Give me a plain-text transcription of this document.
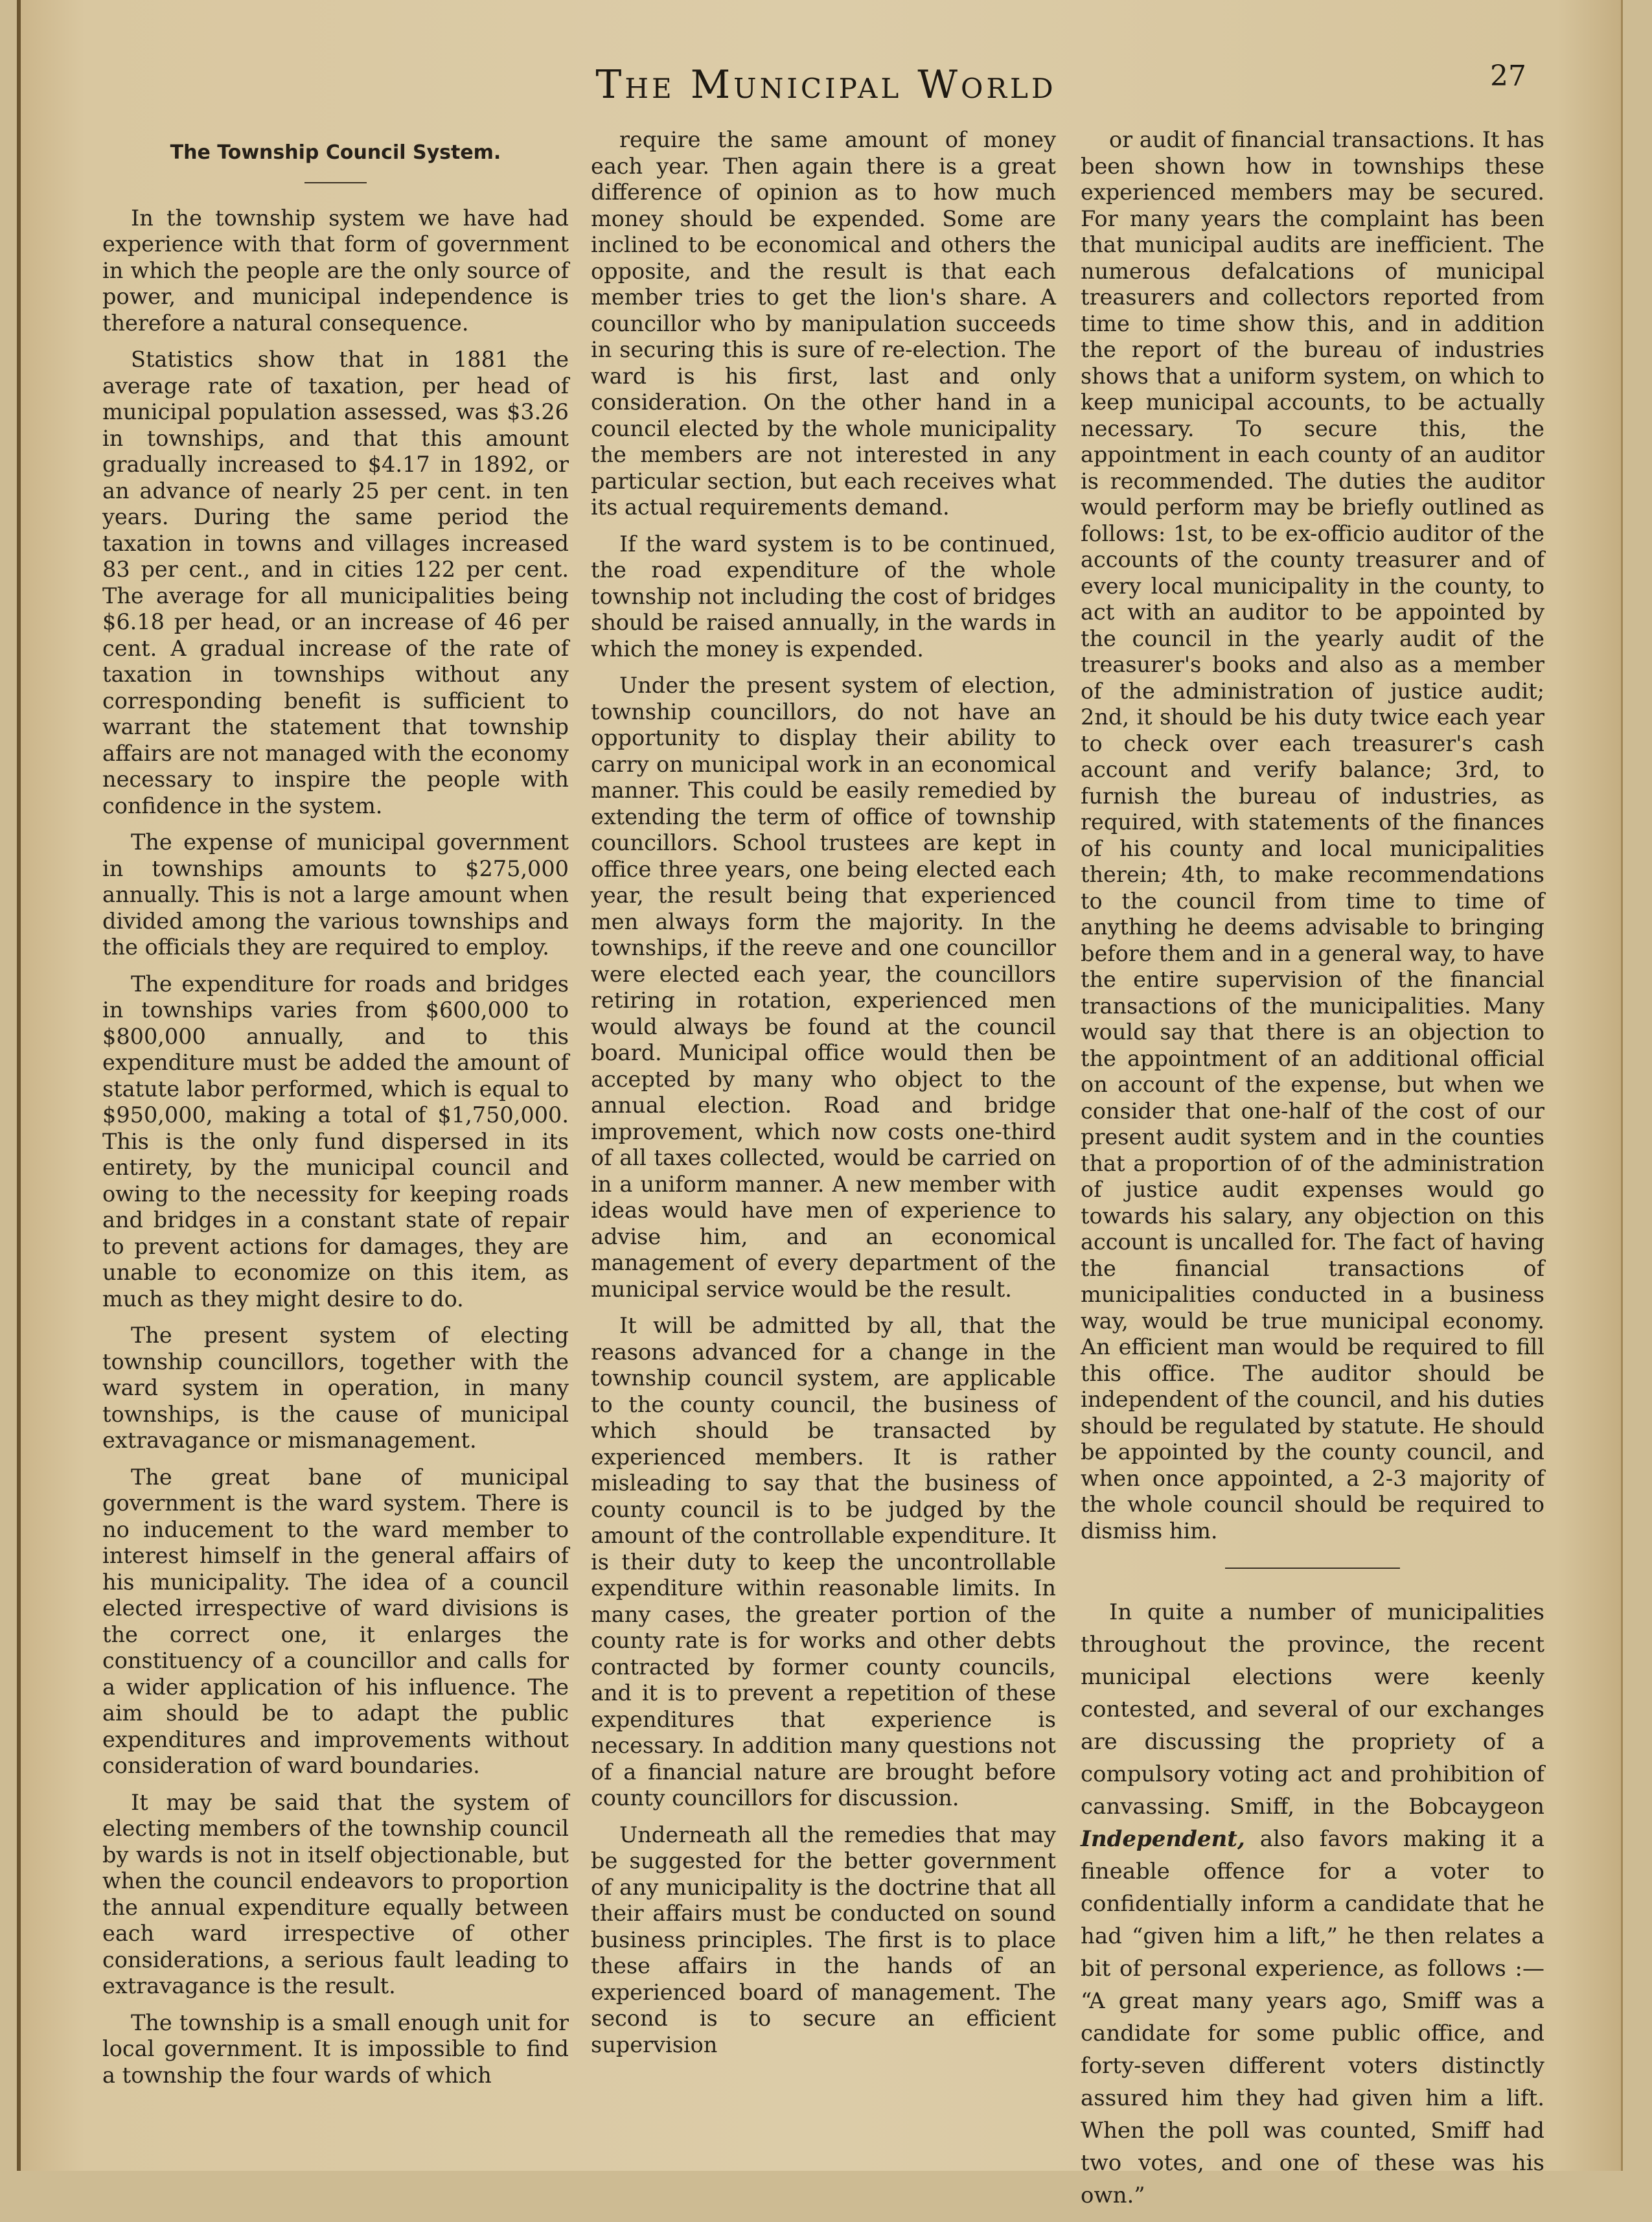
The Municipal World	27
The Township Council System.

In the township system we have had experience with that form of government in which the people are the only source of power, and municipal independence is therefore a natural consequence.

Statistics show that in 1881 the average rate of taxation, per head of municipal population assessed, was $3.26 in townships, and that this amount gradually increased to $4.17 in 1892, or an advance of nearly 25 per cent. in ten years. During the same period the taxation in towns and villages increased 83 per cent., and in cities 122 per cent. The average for all municipalities being $6.18 per head, or an increase of 46 per cent. A gradual increase of the rate of taxation in townships without any corresponding benefit is sufficient to warrant the statement that township affairs are not managed with the economy necessary to inspire the people with confidence in the system.

The expense of municipal government in townships amounts to $275,000 annually. This is not a large amount when divided among the various townships and the officials they are required to employ.

The expenditure for roads and bridges in townships varies from $600,000 to $800,000 annually, and to this expenditure must be added the amount of statute labor performed, which is equal to $950,000, making a total of $1,750,000. This is the only fund dispersed in its entirety, by the municipal council and owing to the necessity for keeping roads and bridges in a constant state of repair to prevent actions for damages, they are unable to economize on this item, as much as they might desire to do.

The present system of electing township councillors, together with the ward system in operation, in many townships, is the cause of municipal extravagance or mismanagement.

The great bane of municipal government is the ward system. There is no inducement to the ward member to interest himself in the general affairs of his municipality. The idea of a council elected irrespective of ward divisions is the correct one, it enlarges the constituency of a councillor and calls for a wider application of his influence. The aim should be to adapt the public expenditures and improvements without consideration of ward boundaries.

It may be said that the system of electing members of the township council by wards is not in itself objectionable, but when the council endeavors to proportion the annual expenditure equally between each ward irrespective of other considerations, a serious fault leading to extravagance is the result.

The township is a small enough unit for local government. It is impossible to find a township the four wards of which

require the same amount of money each year. Then again there is a great difference of opinion as to how much money should be expended. Some are inclined to be economical and others the opposite, and the result is that each member tries to get the lion's share. A councillor who by manipulation succeeds in securing this is sure of re-election. The ward is his first, last and only consideration. On the other hand in a council elected by the whole municipality the members are not interested in any particular section, but each receives what its actual requirements demand.

If the ward system is to be continued, the road expenditure of the whole township not including the cost of bridges should be raised annually, in the wards in which the money is expended.

Under the present system of election, township councillors, do not have an opportunity to display their ability to carry on municipal work in an economical manner. This could be easily remedied by extending the term of office of township councillors. School trustees are kept in office three years, one being elected each year, the result being that experienced men always form the majority. In the townships, if the reeve and one councillor were elected each year, the councillors retiring in rotation, experienced men would always be found at the council board. Municipal office would then be accepted by many who object to the annual election. Road and bridge improvement, which now costs one-third of all taxes collected, would be carried on in a uniform manner. A new member with ideas would have men of experience to advise him, and an economical management of every department of the municipal service would be the result.

It will be admitted by all, that the reasons advanced for a change in the township council system, are applicable to the county council, the business of which should be transacted by experienced members. It is rather misleading to say that the business of county council is to be judged by the amount of the controllable expenditure. It is their duty to keep the uncontrollable expenditure within reasonable limits. In many cases, the greater portion of the county rate is for works and other debts contracted by former county councils, and it is to prevent a repetition of these expenditures that experience is necessary. In addition many questions not of a financial nature are brought before county councillors for discussion.

Underneath all the remedies that may be suggested for the better government of any municipality is the doctrine that all their affairs must be conducted on sound business principles. The first is to place these affairs in the hands of an experienced board of management. The second is to secure an efficient supervision

or audit of financial transactions. It has been shown how in townships these experienced members may be secured. For many years the complaint has been that municipal audits are inefficient. The numerous defalcations of municipal treasurers and collectors reported from time to time show this, and in addition the report of the bureau of industries shows that a uniform system, on which to keep municipal accounts, to be actually necessary. To secure this, the appointment in each county of an auditor is recommended. The duties the auditor would perform may be briefly outlined as follows: 1st, to be ex-officio auditor of the accounts of the county treasurer and of every local municipality in the county, to act with an auditor to be appointed by the council in the yearly audit of the treasurer's books and also as a member of the administration of justice audit; 2nd, it should be his duty twice each year to check over each treasurer's cash account and verify balance; 3rd, to furnish the bureau of industries, as required, with statements of the finances of his county and local municipalities therein; 4th, to make recommendations to the council from time to time of anything he deems advisable to bringing before them and in a general way, to have the entire supervision of the financial transactions of the municipalities. Many would say that there is an objection to the appointment of an additional official on account of the expense, but when we consider that one-half of the cost of our present audit system and in the counties that a proportion of of the administration of justice audit expenses would go towards his salary, any objection on this account is uncalled for. The fact of having the financial transactions of municipalities conducted in a business way, would be true municipal economy. An efficient man would be required to fill this office. The auditor should be independent of the council, and his duties should be regulated by statute. He should be appointed by the county council, and when once appointed, a 2-3 majority of the whole council should be required to dismiss him.

In quite a number of municipalities throughout the province, the recent municipal elections were keenly contested, and several of our exchanges are discussing the propriety of a compulsory voting act and prohibition of canvassing. Smiff, in the Bobcaygeon Independent, also favors making it a fineable offence for a voter to confidentially inform a candidate that he had “given him a lift,” he then relates a bit of personal experience, as follows :— “A great many years ago, Smiff was a candidate for some public office, and forty-seven different voters distinctly assured him they had given him a lift. When the poll was counted, Smiff had two votes, and one of these was his own.”
